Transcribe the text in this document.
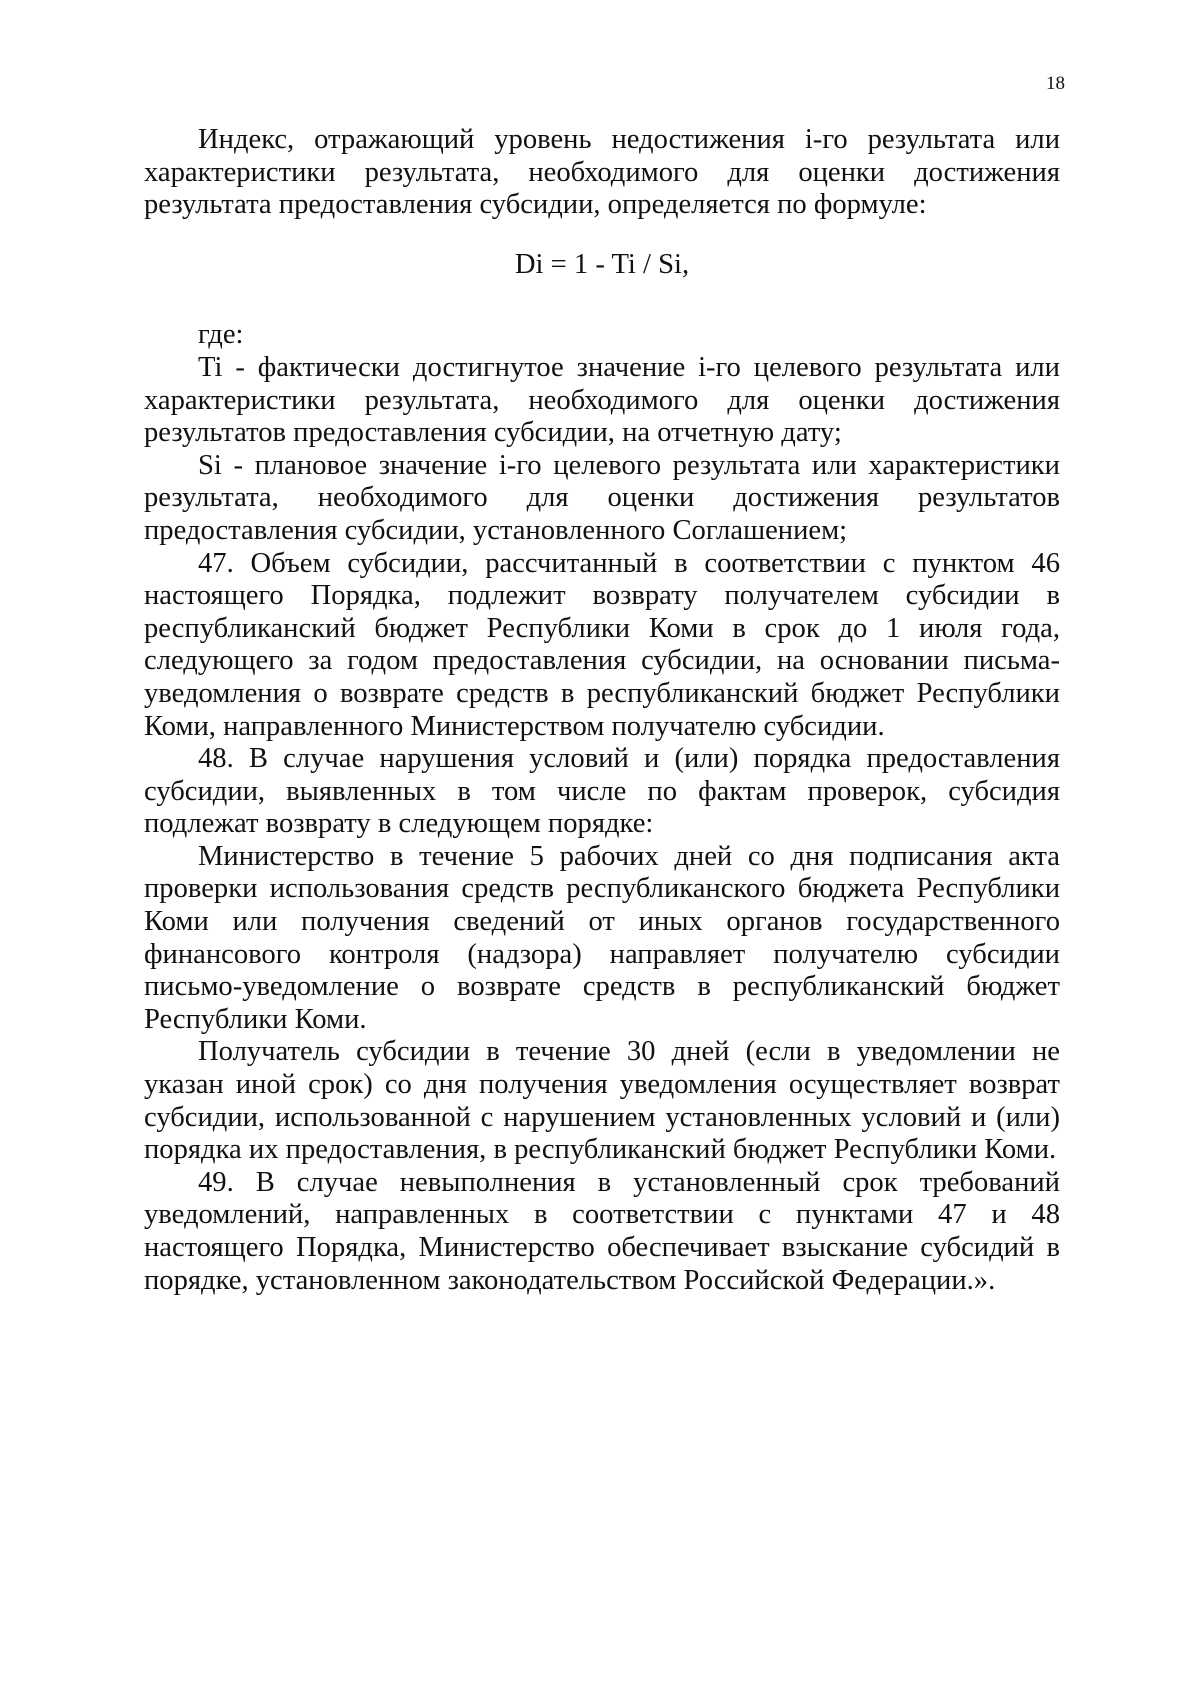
18

Индекс, отражающий уровень недостижения i-го результата или характеристики результата, необходимого для оценки достижения результата предоставления субсидии, определяется по формуле:

Di = 1 - Ti / Si,

где:

Ti - фактически достигнутое значение i-го целевого результата или характеристики результата, необходимого для оценки достижения результатов предоставления субсидии, на отчетную дату;

Si - плановое значение i-го целевого результата или характеристики результата, необходимого для оценки достижения результатов предоставления субсидии, установленного Соглашением;

47. Объем субсидии, рассчитанный в соответствии с пунктом 46 настоящего Порядка, подлежит возврату получателем субсидии в республиканский бюджет Республики Коми в срок до 1 июля года, следующего за годом предоставления субсидии, на основании письма-уведомления о возврате средств в республиканский бюджет Республики Коми, направленного Министерством получателю субсидии.

48. В случае нарушения условий и (или) порядка предоставления субсидии, выявленных в том числе по фактам проверок, субсидия подлежат возврату в следующем порядке:

Министерство в течение 5 рабочих дней со дня подписания акта проверки использования средств республиканского бюджета Республики Коми или получения сведений от иных органов государственного финансового контроля (надзора) направляет получателю субсидии письмо-уведомление о возврате средств в республиканский бюджет Республики Коми.

Получатель субсидии в течение 30 дней (если в уведомлении не указан иной срок) со дня получения уведомления осуществляет возврат субсидии, использованной с нарушением установленных условий и (или) порядка их предоставления, в республиканский бюджет Республики Коми.

49. В случае невыполнения в установленный срок требований уведомлений, направленных в соответствии с пунктами 47 и 48 настоящего Порядка, Министерство обеспечивает взыскание субсидий в порядке, установленном законодательством Российской Федерации.».
